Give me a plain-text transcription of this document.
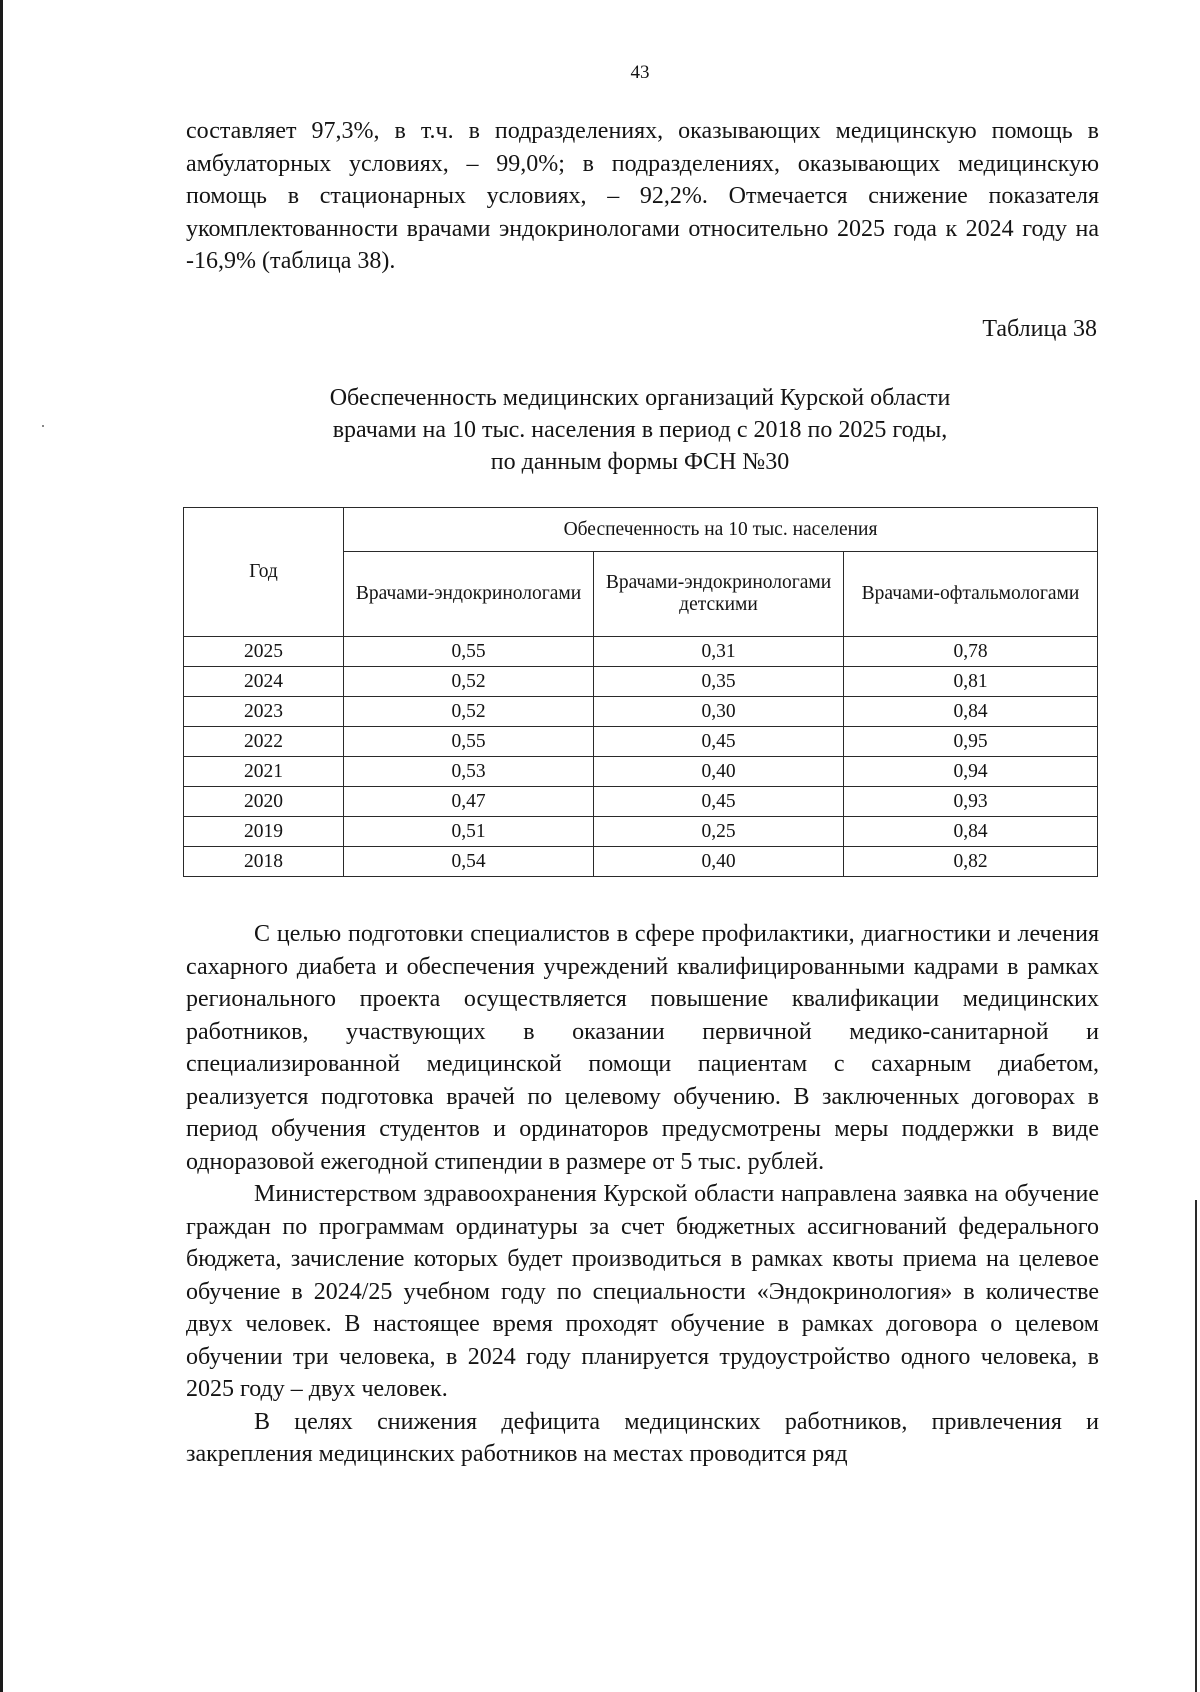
43

составляет 97,3%, в т.ч. в подразделениях, оказывающих медицинскую помощь в амбулаторных условиях, – 99,0%; в подразделениях, оказывающих медицинскую помощь в стационарных условиях, – 92,2%. Отмечается снижение показателя укомплектованности врачами эндокринологами относительно 2025 года к 2024 году на -16,9% (таблица 38).

Таблица 38
Обеспеченность медицинских организаций Курской области
врачами на 10 тыс. населения в период с 2018 по 2025 годы,
по данным формы ФСН №30
Год	Обеспеченность на 10 тыс. населения		
	Врачами-эндокринологами	Врачами-эндокринологами детскими	Врачами-офтальмологами
2025	0,55	0,31	0,78
2024	0,52	0,35	0,81
2023	0,52	0,30	0,84
2022	0,55	0,45	0,95
2021	0,53	0,40	0,94
2020	0,47	0,45	0,93
2019	0,51	0,25	0,84
2018	0,54	0,40	0,82

С целью подготовки специалистов в сфере профилактики, диагностики и лечения сахарного диабета и обеспечения учреждений квалифицированными кадрами в рамках регионального проекта осуществляется повышение квалификации медицинских работников, участвующих в оказании первичной медико-санитарной и специализированной медицинской помощи пациентам с сахарным диабетом, реализуется подготовка врачей по целевому обучению. В заключенных договорах в период обучения студентов и ординаторов предусмотрены меры поддержки в виде одноразовой ежегодной стипендии в размере от 5 тыс. рублей.

Министерством здравоохранения Курской области направлена заявка на обучение граждан по программам ординатуры за счет бюджетных ассигнований федерального бюджета, зачисление которых будет производиться в рамках квоты приема на целевое обучение в 2024/25 учебном году по специальности «Эндокринология» в количестве двух человек. В настоящее время проходят обучение в рамках договора о целевом обучении три человека, в 2024 году планируется трудоустройство одного человека, в 2025 году – двух человек.

В целях снижения дефицита медицинских работников, привлечения и закрепления медицинских работников на местах проводится ряд
